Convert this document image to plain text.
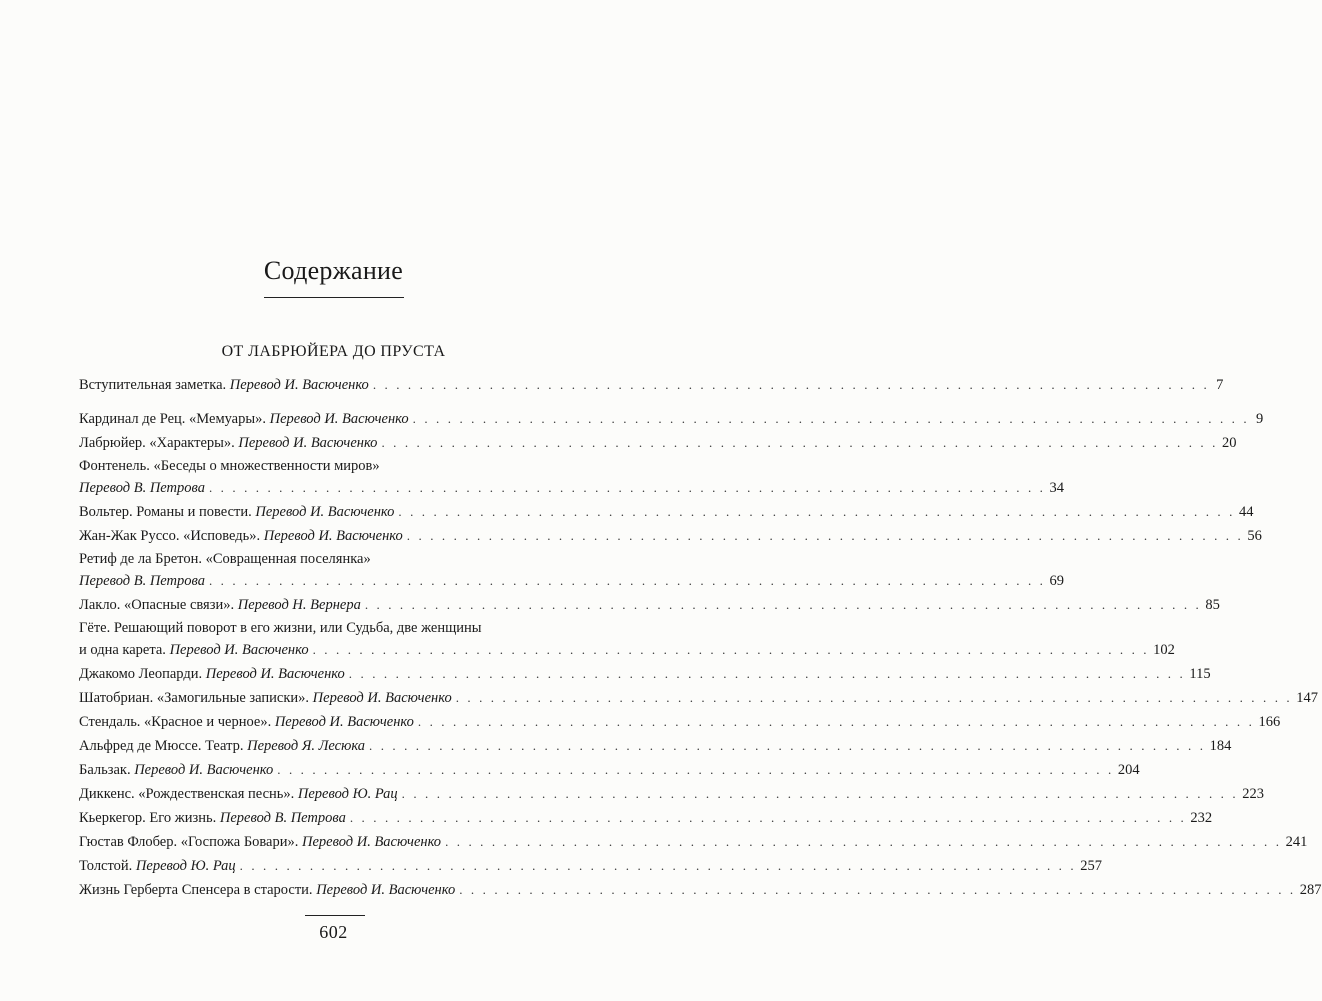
Содержание
ОТ ЛАБРЮЙЕРА ДО ПРУСТА
Вступительная заметка.
Перевод И. Васюченко . . . . . . . . . . . . . . . . . . . . . . . . . . . . . . . . . . . . . . . . . . . . . . . . . . . . . . . . . . . . . . . . . . . . . . . . 7
Кардинал де Рец. «Мемуары».
Перевод И. Васюченко . . . . . . . . . . . . . . . . . . . . . . . . . . . . . . . . . . . . . . . . . . . . . . . . . . . . . . . . . . . . . . . . . . . . . . . . 9
Лабрюйер. «Характеры».
Перевод И. Васюченко . . . . . . . . . . . . . . . . . . . . . . . . . . . . . . . . . . . . . . . . . . . . . . . . . . . . . . . . . . . . . . . . . . . . . . . . 20
Фонтенель. «Беседы о множественности миров»
Перевод В. Петрова . . . . . . . . . . . . . . . . . . . . . . . . . . . . . . . . . . . . . . . . . . . . . . . . . . . . . . . . . . . . . . . . . . . . . . . . 34
Вольтер. Романы и повести.
Перевод И. Васюченко . . . . . . . . . . . . . . . . . . . . . . . . . . . . . . . . . . . . . . . . . . . . . . . . . . . . . . . . . . . . . . . . . . . . . . . . 44
Жан-Жак Руссо. «Исповедь».
Перевод И. Васюченко . . . . . . . . . . . . . . . . . . . . . . . . . . . . . . . . . . . . . . . . . . . . . . . . . . . . . . . . . . . . . . . . . . . . . . . . 56
Ретиф де ла Бретон. «Совращенная поселянка»
Перевод В. Петрова . . . . . . . . . . . . . . . . . . . . . . . . . . . . . . . . . . . . . . . . . . . . . . . . . . . . . . . . . . . . . . . . . . . . . . . . 69
Лакло. «Опасные связи».
Перевод Н. Вернера . . . . . . . . . . . . . . . . . . . . . . . . . . . . . . . . . . . . . . . . . . . . . . . . . . . . . . . . . . . . . . . . . . . . . . . . 85
Гёте. Решающий поворот в его жизни, или Судьба, две женщины
и одна карета.
Перевод И. Васюченко . . . . . . . . . . . . . . . . . . . . . . . . . . . . . . . . . . . . . . . . . . . . . . . . . . . . . . . . . . . . . . . . . . . . . . . . 102
Джакомо Леопарди.
Перевод И. Васюченко . . . . . . . . . . . . . . . . . . . . . . . . . . . . . . . . . . . . . . . . . . . . . . . . . . . . . . . . . . . . . . . . . . . . . . . . 115
Шатобриан. «Замогильные записки».
Перевод И. Васюченко . . . . . . . . . . . . . . . . . . . . . . . . . . . . . . . . . . . . . . . . . . . . . . . . . . . . . . . . . . . . . . . . . . . . . . . . 147
Стендаль. «Красное и черное».
Перевод И. Васюченко . . . . . . . . . . . . . . . . . . . . . . . . . . . . . . . . . . . . . . . . . . . . . . . . . . . . . . . . . . . . . . . . . . . . . . . . 166
Альфред де Мюссе. Театр.
Перевод Я. Лесюка . . . . . . . . . . . . . . . . . . . . . . . . . . . . . . . . . . . . . . . . . . . . . . . . . . . . . . . . . . . . . . . . . . . . . . . . 184
Бальзак.
Перевод И. Васюченко . . . . . . . . . . . . . . . . . . . . . . . . . . . . . . . . . . . . . . . . . . . . . . . . . . . . . . . . . . . . . . . . . . . . . . . . 204
Диккенс. «Рождественская песнь».
Перевод Ю. Рац . . . . . . . . . . . . . . . . . . . . . . . . . . . . . . . . . . . . . . . . . . . . . . . . . . . . . . . . . . . . . . . . . . . . . . . . 223
Кьеркегор. Его жизнь.
Перевод В. Петрова . . . . . . . . . . . . . . . . . . . . . . . . . . . . . . . . . . . . . . . . . . . . . . . . . . . . . . . . . . . . . . . . . . . . . . . . 232
Гюстав Флобер. «Госпожа Бовари».
Перевод И. Васюченко . . . . . . . . . . . . . . . . . . . . . . . . . . . . . . . . . . . . . . . . . . . . . . . . . . . . . . . . . . . . . . . . . . . . . . . . 241
Толстой.
Перевод Ю. Рац . . . . . . . . . . . . . . . . . . . . . . . . . . . . . . . . . . . . . . . . . . . . . . . . . . . . . . . . . . . . . . . . . . . . . . . . 257
Жизнь Герберта Спенсера в старости.
Перевод И. Васюченко . . . . . . . . . . . . . . . . . . . . . . . . . . . . . . . . . . . . . . . . . . . . . . . . . . . . . . . . . . . . . . . . . . . . . . . . 287
602
